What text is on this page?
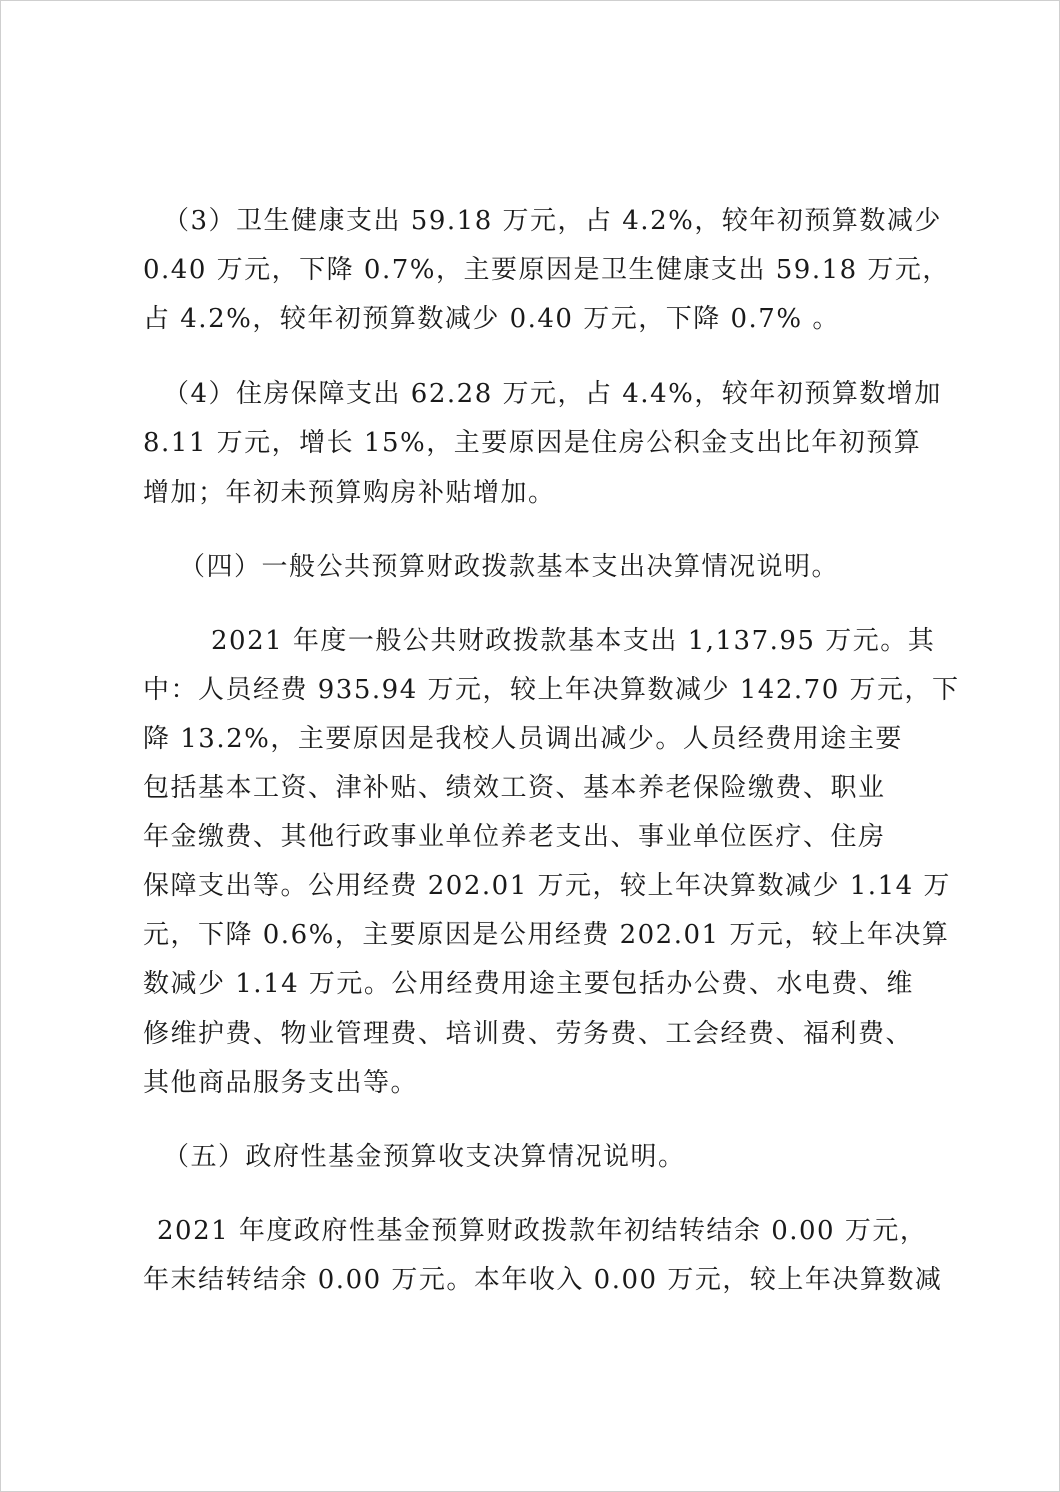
（3）卫生健康支出 59.18 万元，占 4.2%，较年初预算数减少
0.40 万元，下降 0.7%，主要原因是卫生健康支出 59.18 万元，
占 4.2%，较年初预算数减少 0.40 万元，下降 0.7% 。
（4）住房保障支出 62.28 万元，占 4.4%，较年初预算数增加
8.11 万元，增长 15%，主要原因是住房公积金支出比年初预算
增加；年初未预算购房补贴增加。
（四）一般公共预算财政拨款基本支出决算情况说明。
2021 年度一般公共财政拨款基本支出 1,137.95 万元。其
中：人员经费 935.94 万元，较上年决算数减少 142.70 万元，下
降 13.2%，主要原因是我校人员调出减少。人员经费用途主要
包括基本工资、津补贴、绩效工资、基本养老保险缴费、职业
年金缴费、其他行政事业单位养老支出、事业单位医疗、住房
保障支出等。公用经费 202.01 万元，较上年决算数减少 1.14 万
元，下降 0.6%，主要原因是公用经费 202.01 万元，较上年决算
数减少 1.14 万元。公用经费用途主要包括办公费、水电费、维
修维护费、物业管理费、培训费、劳务费、工会经费、福利费、
其他商品服务支出等。
（五）政府性基金预算收支决算情况说明。
2021 年度政府性基金预算财政拨款年初结转结余 0.00 万元，
年末结转结余 0.00 万元。本年收入 0.00 万元，较上年决算数减
